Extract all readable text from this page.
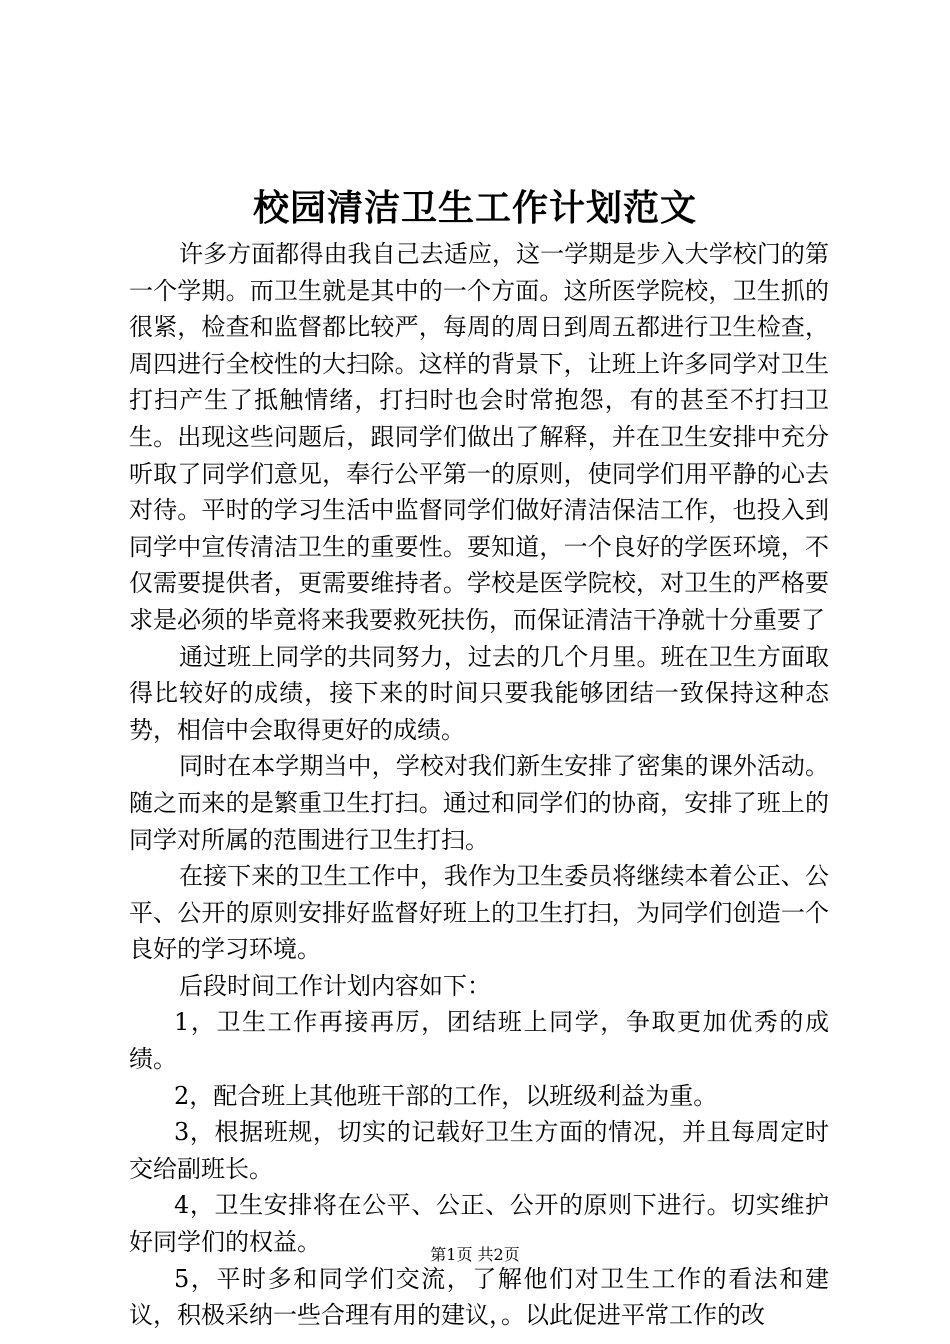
校园清洁卫生工作计划范文

许多方面都得由我自己去适应，这一学期是步入大学校门的第一个学期。而卫生就是其中的一个方面。这所医学院校，卫生抓的很紧，检查和监督都比较严，每周的周日到周五都进行卫生检查，周四进行全校性的大扫除。这样的背景下，让班上许多同学对卫生打扫产生了抵触情绪，打扫时也会时常抱怨，有的甚至不打扫卫生。出现这些问题后，跟同学们做出了解释，并在卫生安排中充分听取了同学们意见，奉行公平第一的原则，使同学们用平静的心去对待。平时的学习生活中监督同学们做好清洁保洁工作，也投入到同学中宣传清洁卫生的重要性。要知道，一个良好的学医环境，不仅需要提供者，更需要维持者。学校是医学院校，对卫生的严格要求是必须的毕竟将来我要救死扶伤，而保证清洁干净就十分重要了

通过班上同学的共同努力，过去的几个月里。班在卫生方面取得比较好的成绩，接下来的时间只要我能够团结一致保持这种态势，相信中会取得更好的成绩。

同时在本学期当中，学校对我们新生安排了密集的课外活动。随之而来的是繁重卫生打扫。通过和同学们的协商，安排了班上的同学对所属的范围进行卫生打扫。

在接下来的卫生工作中，我作为卫生委员将继续本着公正、公平、公开的原则安排好监督好班上的卫生打扫，为同学们创造一个良好的学习环境。

后段时间工作计划内容如下：

1，卫生工作再接再厉，团结班上同学，争取更加优秀的成绩。

2，配合班上其他班干部的工作，以班级利益为重。

3，根据班规，切实的记载好卫生方面的情况，并且每周定时交给副班长。

4，卫生安排将在公平、公正、公开的原则下进行。切实维护好同学们的权益。

5，平时多和同学们交流，了解他们对卫生工作的看法和建议，积极采纳一些合理有用的建议，。以此促进平常工作的改

第1页 共2页
